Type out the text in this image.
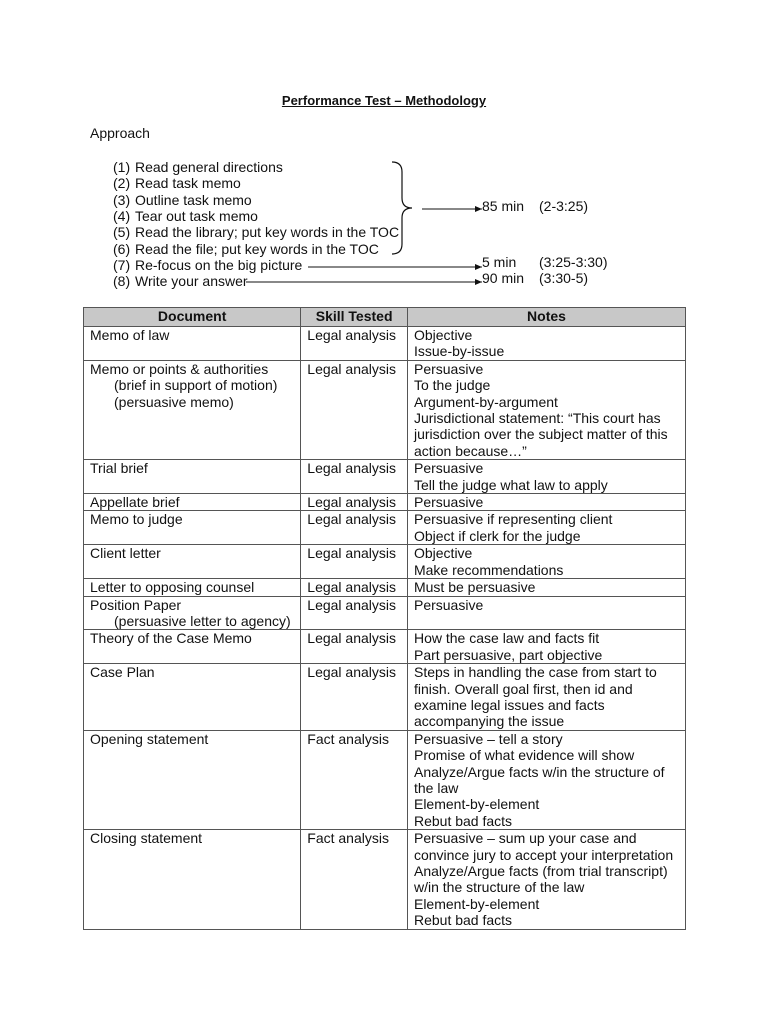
Performance Test – Methodology
Approach
(1) Read general directions
(2) Read task memo
(3) Outline task memo
(4) Tear out task memo
(5) Read the library; put key words in the TOC
(6) Read the file; put key words in the TOC
(7) Re-focus on the big picture
(8) Write your answer
85 min (2-3:25)
5 min (3:25-3:30)
90 min (3:30-5)
Document	Skill Tested	Notes

Memo of law	Legal analysis	Objective
Issue-by-issue

Memo or points & authorities
(brief in support of motion)
(persuasive memo)	Legal analysis	Persuasive
To the judge
Argument-by-argument
Jurisdictional statement: “This court has jurisdiction over the subject matter of this action because…”

Trial brief	Legal analysis	Persuasive
Tell the judge what law to apply

Appellate brief	Legal analysis	Persuasive

Memo to judge	Legal analysis	Persuasive if representing client
Object if clerk for the judge

Client letter	Legal analysis	Objective
Make recommendations

Letter to opposing counsel	Legal analysis	Must be persuasive

Position Paper
(persuasive letter to agency)	Legal analysis	Persuasive

Theory of the Case Memo	Legal analysis	How the case law and facts fit
Part persuasive, part objective

Case Plan	Legal analysis	Steps in handling the case from start to finish. Overall goal first, then id and examine legal issues and facts accompanying the issue

Opening statement	Fact analysis	Persuasive – tell a story
Promise of what evidence will show
Analyze/Argue facts w/in the structure of the law
Element-by-element
Rebut bad facts

Closing statement	Fact analysis	Persuasive – sum up your case and convince jury to accept your interpretation
Analyze/Argue facts (from trial transcript) w/in the structure of the law
Element-by-element
Rebut bad facts
